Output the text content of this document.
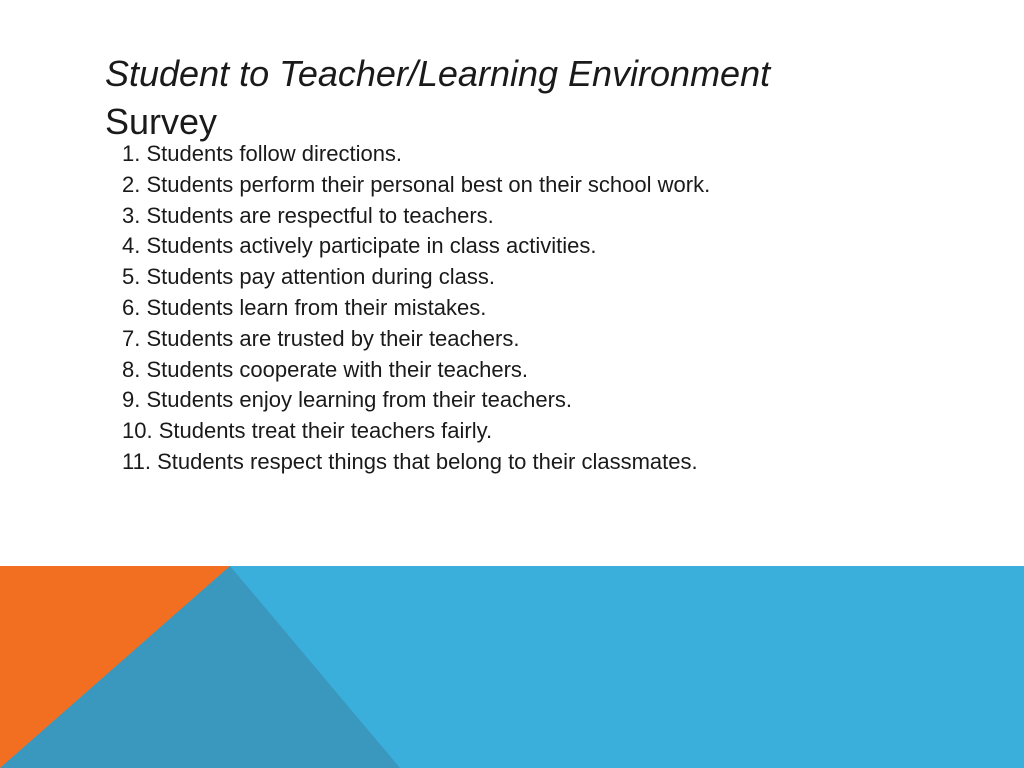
Student to Teacher/Learning Environment
Survey
1. Students follow directions.
2. Students perform their personal best on their school work.
3. Students are respectful to teachers.
4. Students actively participate in class activities.
5. Students pay attention during class.
6. Students learn from their mistakes.
7. Students are trusted by their teachers.
8. Students cooperate with their teachers.
9. Students enjoy learning from their teachers.
10. Students treat their teachers fairly.
11. Students respect things that belong to their classmates.
